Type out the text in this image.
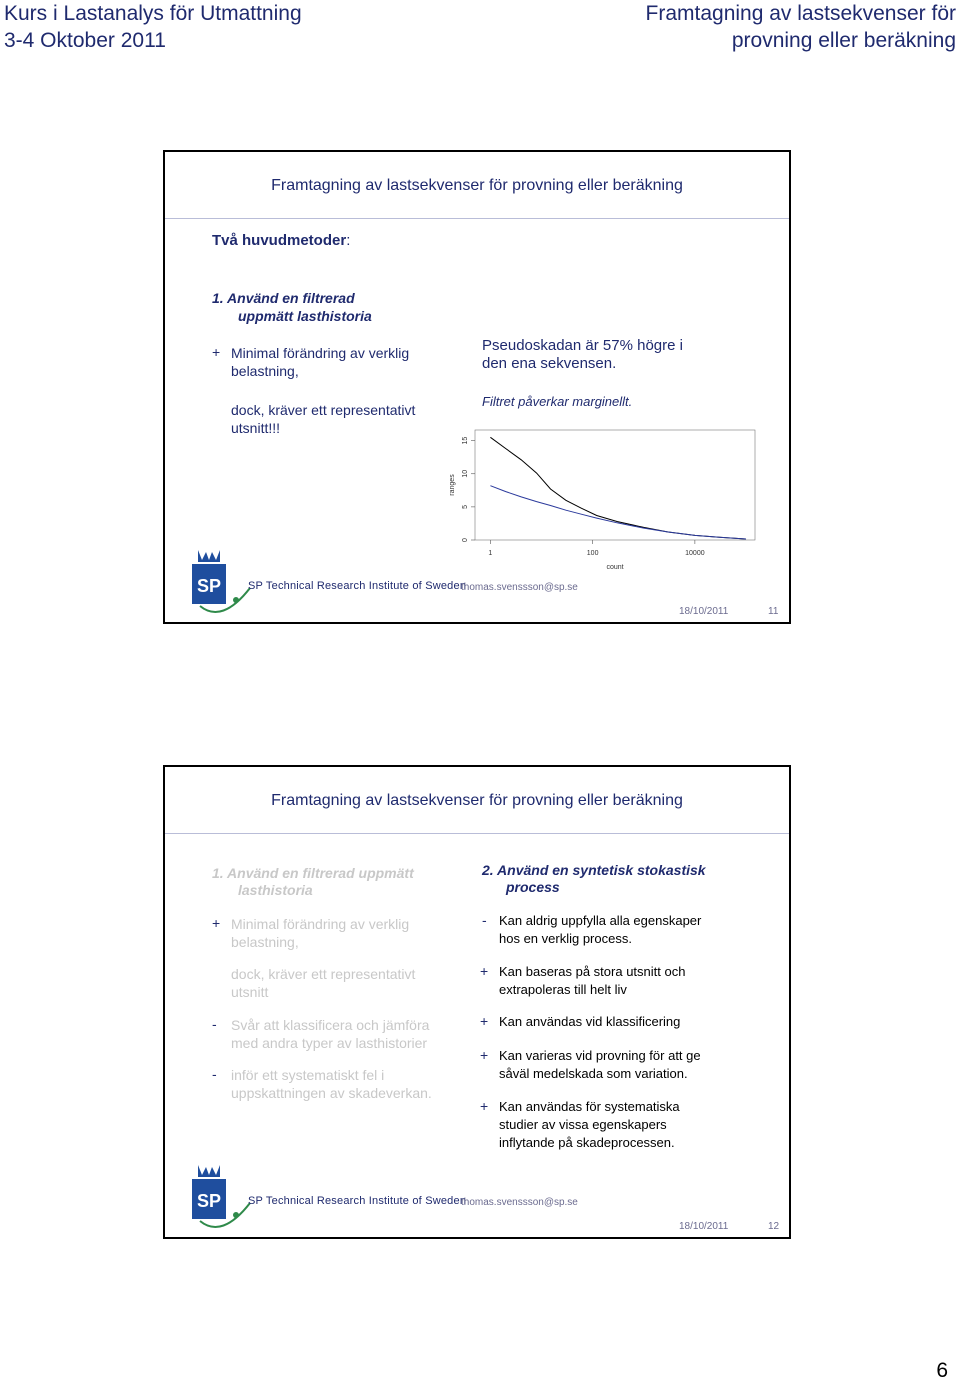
Kurs i Lastanalys för Utmattning
3-4 Oktober 2011
Framtagning av lastsekvenser för
provning eller beräkning
Framtagning av lastsekvenser för provning eller beräkning
Två huvudmetoder:
1. Använd en filtrerad
uppmätt lasthistoria
+ Minimal förändring av verklig
belastning,
dock, kräver ett representativt
utsnitt!!!
Pseudoskadan är 57% högre i
den ena sekvensen.
Filtret påverkar marginellt.
0
5
10
15
1	100	10000
count
ranges
SP SP Technical Research Institute of Sweden
thomas.svenssson@sp.se
18/10/2011	11
Framtagning av lastsekvenser för provning eller beräkning
1. Använd en filtrerad uppmätt
lasthistoria
+ Minimal förändring av verklig
belastning,
dock, kräver ett representativt
utsnitt
- Svår att klassificera och jämföra
med andra typer av lasthistorier
- inför ett systematiskt fel i
uppskattningen av skadeverkan.
2. Använd en syntetisk stokastisk
process
- Kan aldrig uppfylla alla egenskaper
hos en verklig process.
+ Kan baseras på stora utsnitt och
extrapoleras till helt liv
+ Kan användas vid klassificering
+ Kan varieras vid provning för att ge
såväl medelskada som variation.
+ Kan användas för systematiska
studier av vissa egenskapers
inflytande på skadeprocessen.
SP SP Technical Research Institute of Sweden
thomas.svenssson@sp.se
18/10/2011	12
6
